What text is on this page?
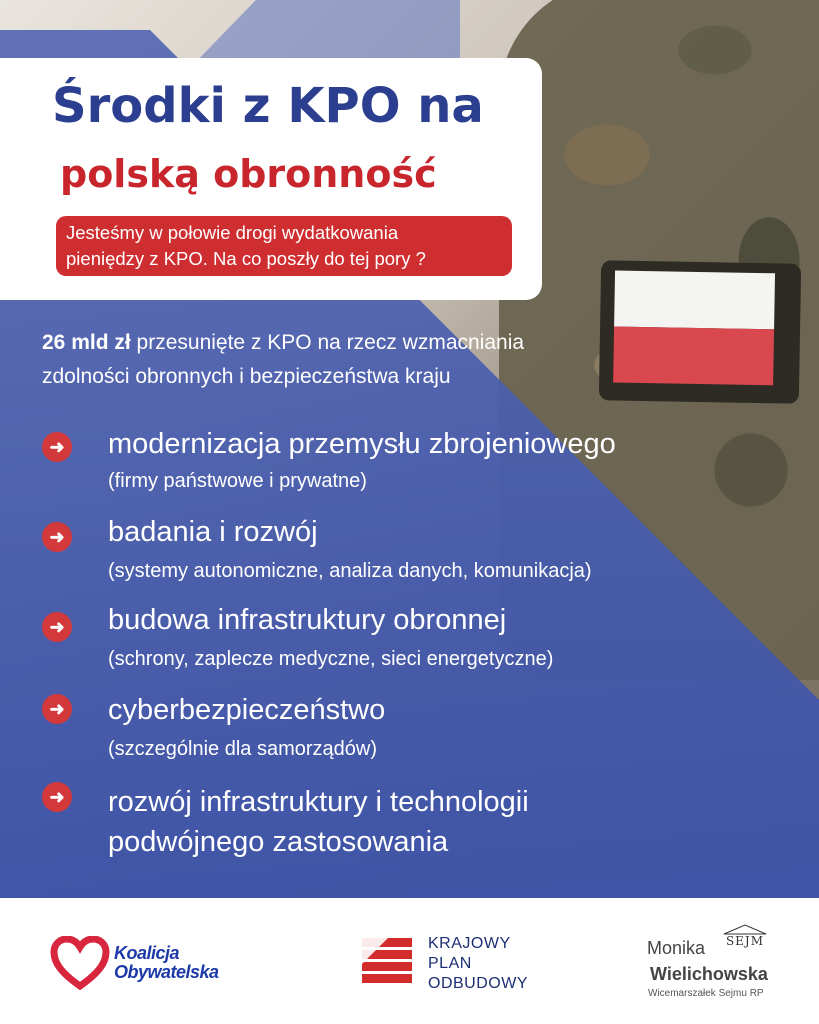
Środki z KPO na
polską obronność
Jesteśmy w połowie drogi wydatkowania
pieniędzy z KPO. Na co poszły do tej pory ?
26 mld zł przesunięte z KPO na rzecz wzmacniania
zdolności obronnych i bezpieczeństwa kraju
➜ modernizacja przemysłu zbrojeniowego
(firmy państwowe i prywatne)
➜ badania i rozwój
(systemy autonomiczne, analiza danych, komunikacja)
➜ budowa infrastruktury obronnej
(schrony, zaplecze medyczne, sieci energetyczne)
➜ cyberbezpieczeństwo
(szczególnie dla samorządów)
➜ rozwój infrastruktury i technologii
podwójnego zastosowania
Koalicja
Obywatelska
KRAJOWY
PLAN
ODBUDOWY
Monika
Wielichowska
Wicemarszałek Sejmu RP
SEJM
